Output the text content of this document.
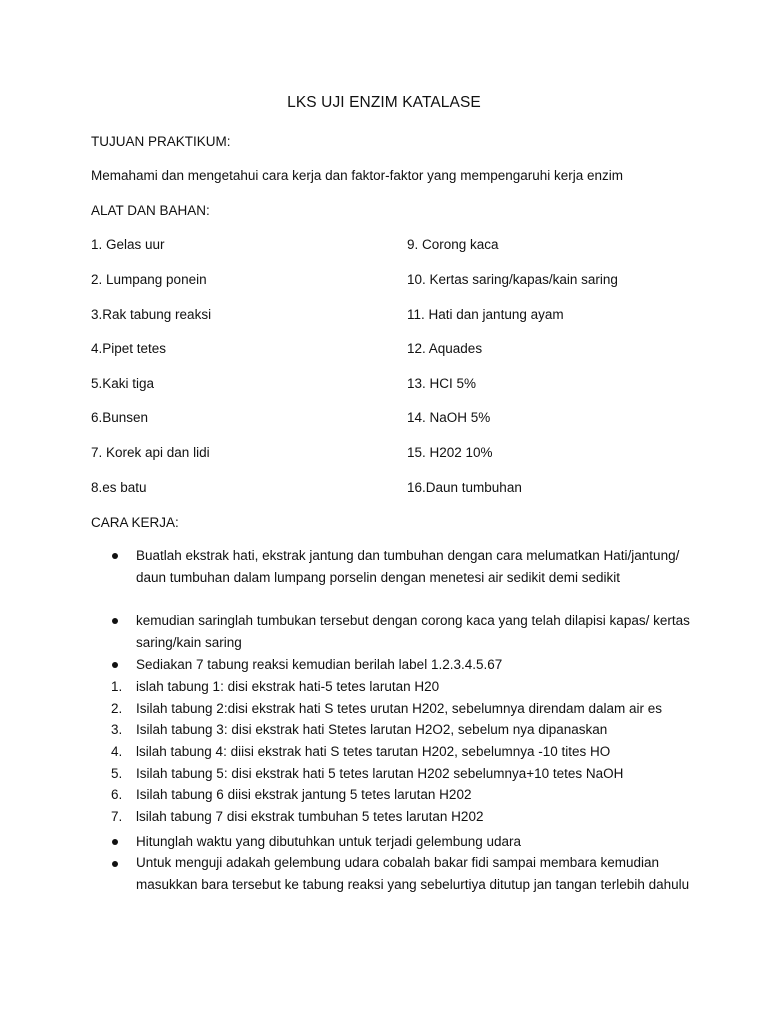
LKS UJI ENZIM KATALASE
TUJUAN PRAKTIKUM:
Memahami dan mengetahui cara kerja dan faktor-faktor yang mempengaruhi kerja enzim
ALAT DAN BAHAN:
1. Gelas uur
2. Lumpang ponein
3.Rak tabung reaksi
4.Pipet tetes
5.Kaki tiga
6.Bunsen
7. Korek api dan lidi
8.es batu
9. Corong kaca
10. Kertas saring/kapas/kain saring
11. Hati dan jantung ayam
12. Aquades
13. HCI 5%
14. NaOH 5%
15. H202 10%
16.Daun tumbuhan
CARA KERJA:
Buatlah ekstrak hati, ekstrak jantung dan tumbuhan dengan cara melumatkan Hati/jantung/ daun tumbuhan dalam lumpang porselin dengan menetesi air sedikit demi sedikit
kemudian saringlah tumbukan tersebut dengan corong kaca yang telah dilapisi kapas/ kertas saring/kain saring
Sediakan 7 tabung reaksi kemudian berilah label 1.2.3.4.5.67
1. islah tabung 1: disi ekstrak hati-5 tetes larutan H20
2. Isilah tabung 2:disi ekstrak hati S tetes urutan H202, sebelumnya direndam dalam air es
3. Isilah tabung 3: disi ekstrak hati Stetes larutan H2O2, sebelum nya dipanaskan
4. lsilah tabung 4: diisi ekstrak hati S tetes tarutan H202, sebelumnya -10 tites HO
5. Isilah tabung 5: disi ekstrak hati 5 tetes larutan H202 sebelumnya+10 tetes NaOH
6. Isilah tabung 6 diisi ekstrak jantung 5 tetes larutan H202
7. lsilah tabung 7 disi ekstrak tumbuhan 5 tetes larutan H202
Hitunglah waktu yang dibutuhkan untuk terjadi gelembung udara
Untuk menguji adakah gelembung udara cobalah bakar fidi sampai membara kemudian masukkan bara tersebut ke tabung reaksi yang sebelurtiya ditutup jan tangan terlebih dahulu
